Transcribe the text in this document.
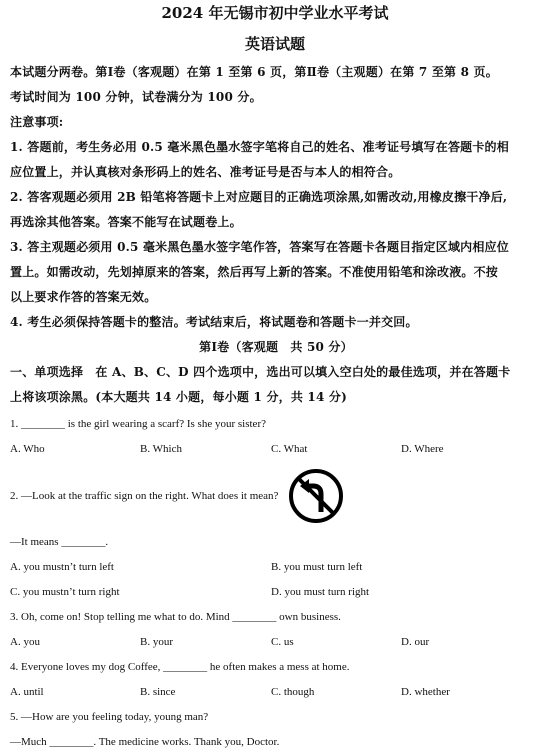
2024 年无锡市初中学业水平考试
英语试题
本试题分两卷。第Ⅰ卷（客观题）在第 1 至第 6 页，第Ⅱ卷（主观题）在第 7 至第 8 页。
考试时间为 100 分钟，试卷满分为 100 分。
注意事项:
1. 答题前，考生务必用 0.5 毫米黑色墨水签字笔将自己的姓名、准考证号填写在答题卡的相
应位置上，并认真核对条形码上的姓名、准考证号是否与本人的相符合。
2. 答客观题必须用 2B 铅笔将答题卡上对应题目的正确选项涂黑,如需改动,用橡皮擦干净后,
再选涂其他答案。答案不能写在试题卷上。
3. 答主观题必须用 0.5 毫米黑色墨水签字笔作答，答案写在答题卡各题目指定区域内相应位
置上。如需改动，先划掉原来的答案，然后再写上新的答案。不准使用铅笔和涂改液。不按
以上要求作答的答案无效。
4. 考生必须保持答题卡的整洁。考试结束后，将试题卷和答题卡一并交回。
第Ⅰ卷（客观题　共 50 分）
一、单项选择　在 A、B、C、D 四个选项中，选出可以填入空白处的最佳选项，并在答题卡
上将该项涂黑。(本大题共 14 小题，每小题 1 分，共 14 分)
1. ________ is the girl wearing a scarf? Is she your sister?
A. Who	B. Which	C. What	D. Where
2. —Look at the traffic sign on the right. What does it mean?
—It means ________.
A. you mustn’t turn left	B. you must turn left
C. you mustn’t turn right	D. you must turn right
3. Oh, come on! Stop telling me what to do. Mind ________ own business.
A. you	B. your	C. us	D. our
4. Everyone loves my dog Coffee, ________ he often makes a mess at home.
A. until	B. since	C. though	D. whether
5. —How are you feeling today, young man?
—Much ________. The medicine works. Thank you, Doctor.
